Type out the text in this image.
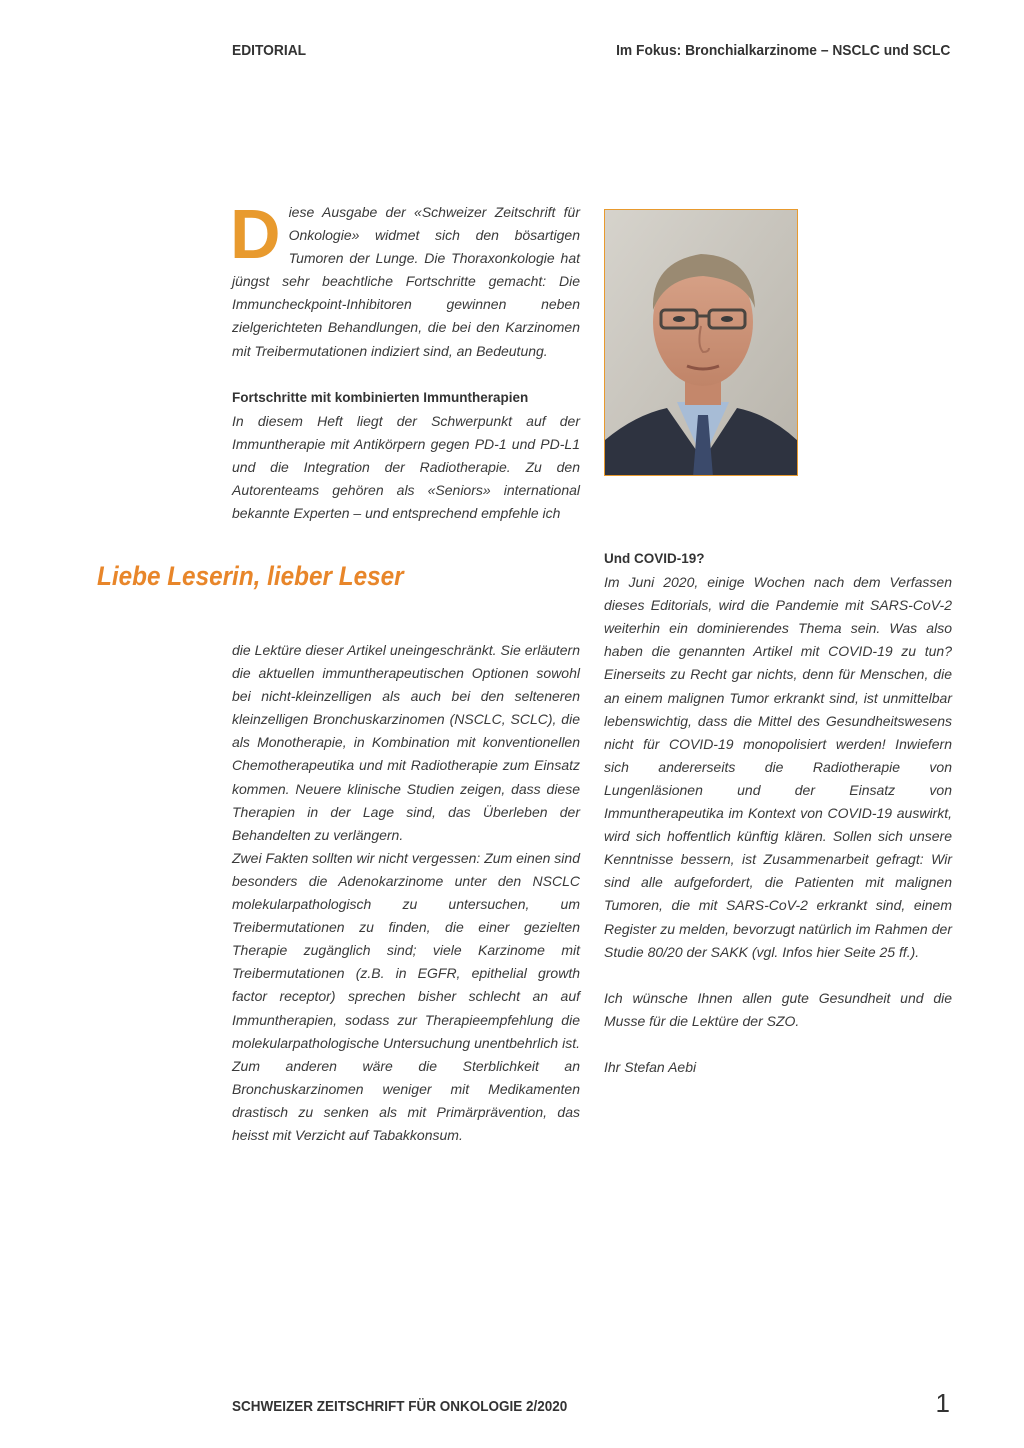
EDITORIAL	Im Fokus: Bronchialkarzinome – NSCLC und SCLC
D iese Ausgabe der «Schweizer Zeitschrift für Onkologie» widmet sich den bösartigen Tumoren der Lunge. Die Thoraxonkologie hat jüngst sehr beachtliche Fortschritte gemacht: Die Immuncheckpoint-Inhibitoren gewinnen neben zielgerichteten Behandlungen, die bei den Karzinomen mit Treibermutationen indiziert sind, an Bedeutung.

Fortschritte mit kombinierten Immuntherapien

In diesem Heft liegt der Schwerpunkt auf der Immuntherapie mit Antikörpern gegen PD-1 und PD-L1 und die Integration der Radiotherapie. Zu den Autorenteams gehören als «Seniors» international bekannte Experten – und entsprechend empfehle ich

Liebe Leserin, lieber Leser

die Lektüre dieser Artikel uneingeschränkt. Sie erläutern die aktuellen immuntherapeutischen Optionen sowohl bei nicht-kleinzelligen als auch bei den selteneren kleinzelligen Bronchuskarzinomen (NSCLC, SCLC), die als Monotherapie, in Kombination mit konventionellen Chemotherapeutika und mit Radiotherapie zum Einsatz kommen. Neuere klinische Studien zeigen, dass diese Therapien in der Lage sind, das Überleben der Behandelten zu verlängern.

Zwei Fakten sollten wir nicht vergessen: Zum einen sind besonders die Adenokarzinome unter den NSCLC molekularpathologisch zu untersuchen, um Treibermutationen zu finden, die einer gezielten Therapie zugänglich sind; viele Karzinome mit Treibermutationen (z.B. in EGFR, epithelial growth factor receptor) sprechen bisher schlecht an auf Immuntherapien, sodass zur Therapieempfehlung die molekularpathologische Untersuchung unentbehrlich ist. Zum anderen wäre die Sterblichkeit an Bronchuskarzinomen weniger mit Medikamenten drastisch zu senken als mit Primärprävention, das heisst mit Verzicht auf Tabakkonsum.

Und COVID-19?

Im Juni 2020, einige Wochen nach dem Verfassen dieses Editorials, wird die Pandemie mit SARS-CoV-2 weiterhin ein dominierendes Thema sein. Was also haben die genannten Artikel mit COVID-19 zu tun? Einerseits zu Recht gar nichts, denn für Menschen, die an einem malignen Tumor erkrankt sind, ist unmittelbar lebenswichtig, dass die Mittel des Gesundheitswesens nicht für COVID-19 monopolisiert werden! Inwiefern sich andererseits die Radiotherapie von Lungenläsionen und der Einsatz von Immuntherapeutika im Kontext von COVID-19 auswirkt, wird sich hoffentlich künftig klären. Sollen sich unsere Kenntnisse bessern, ist Zusammenarbeit gefragt: Wir sind alle aufgefordert, die Patienten mit malignen Tumoren, die mit SARS-CoV-2 erkrankt sind, einem Register zu melden, bevorzugt natürlich im Rahmen der Studie 80/20 der SAKK (vgl. Infos hier Seite 25 ff.).

Ich wünsche Ihnen allen gute Gesundheit und die Musse für die Lektüre der SZO.

Ihr Stefan Aebi

SCHWEIZER ZEITSCHRIFT FÜR ONKOLOGIE 2/2020	1
